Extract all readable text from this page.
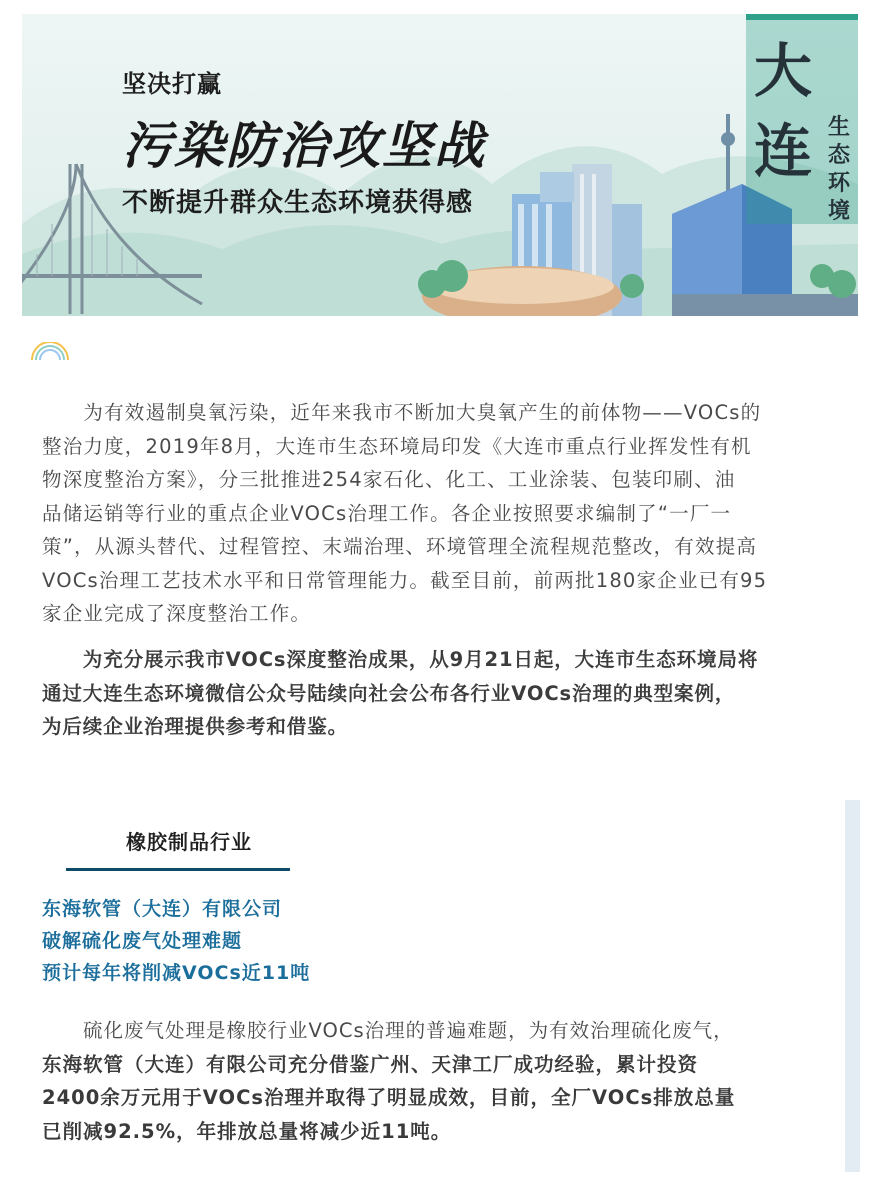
坚决打赢
污染防治攻坚战
不断提升群众生态环境获得感
大
连 生
态
环
境
　　为有效遏制臭氧污染，近年来我市不断加大臭氧产生的前体物——VOCs的
整治力度，2019年8月，大连市生态环境局印发《大连市重点行业挥发性有机
物深度整治方案》，分三批推进254家石化、化工、工业涂装、包装印刷、油
品储运销等行业的重点企业VOCs治理工作。各企业按照要求编制了“一厂一
策”，从源头替代、过程管控、末端治理、环境管理全流程规范整改，有效提高
VOCs治理工艺技术水平和日常管理能力。截至目前，前两批180家企业已有95
家企业完成了深度整治工作。
　　为充分展示我市VOCs深度整治成果，从9月21日起，大连市生态环境局将
通过大连生态环境微信公众号陆续向社会公布各行业VOCs治理的典型案例，
为后续企业治理提供参考和借鉴。
橡胶制品行业
东海软管（大连）有限公司
破解硫化废气处理难题
预计每年将削减VOCs近11吨
　　硫化废气处理是橡胶行业VOCs治理的普遍难题，为有效治理硫化废气，
东海软管（大连）有限公司充分借鉴广州、天津工厂成功经验，累计投资
2400余万元用于VOCs治理并取得了明显成效，目前，全厂VOCs排放总量
已削减92.5%，年排放总量将减少近11吨。
